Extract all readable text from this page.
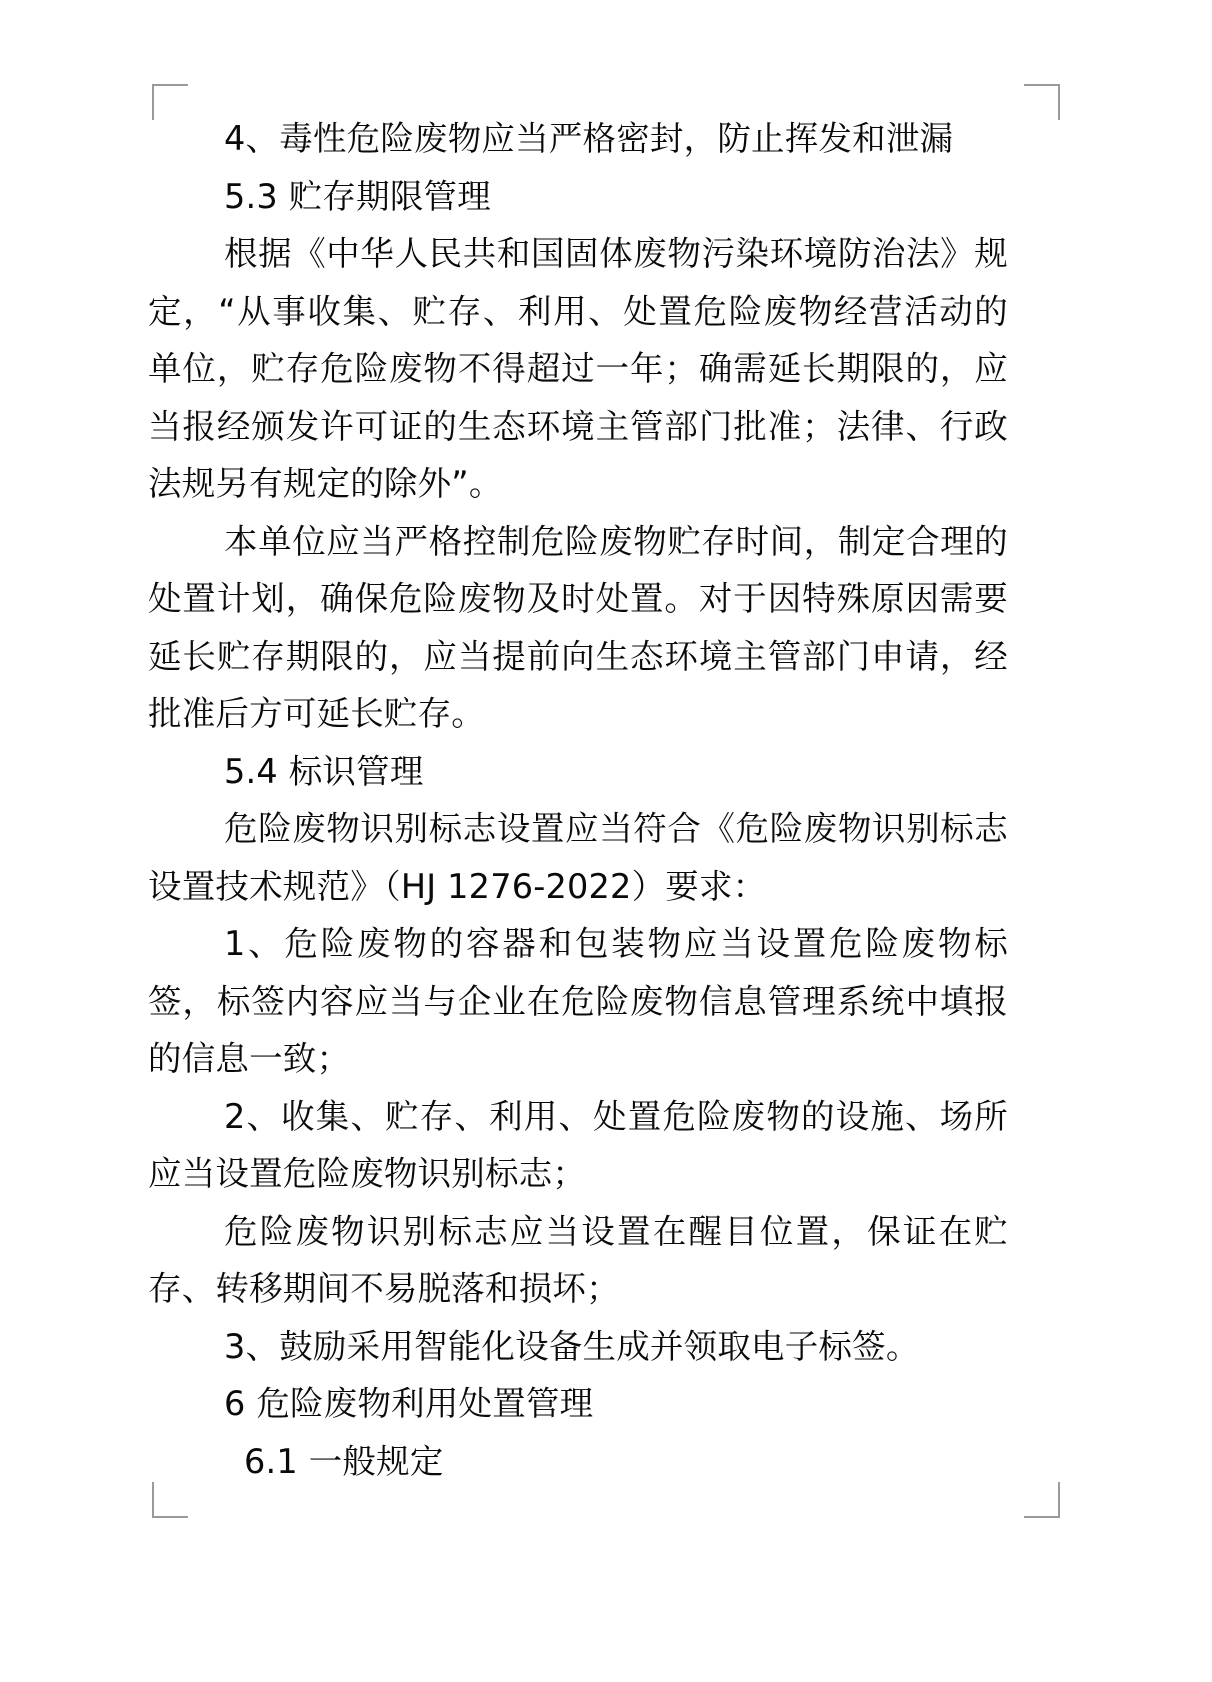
4、毒性危险废物应当严格密封，防止挥发和泄漏

5.3 贮存期限管理

根据《中华人民共和国固体废物污染环境防治法》规定，“从事收集、贮存、利用、处置危险废物经营活动的单位，贮存危险废物不得超过一年；确需延长期限的，应当报经颁发许可证的生态环境主管部门批准；法律、行政法规另有规定的除外”。

本单位应当严格控制危险废物贮存时间，制定合理的处置计划，确保危险废物及时处置。对于因特殊原因需要延长贮存期限的，应当提前向生态环境主管部门申请，经批准后方可延长贮存。

5.4 标识管理

危险废物识别标志设置应当符合《危险废物识别标志设置技术规范》（HJ 1276-2022）要求：

1、危险废物的容器和包装物应当设置危险废物标签，标签内容应当与企业在危险废物信息管理系统中填报的信息一致；

2、收集、贮存、利用、处置危险废物的设施、场所应当设置危险废物识别标志；

危险废物识别标志应当设置在醒目位置，保证在贮存、转移期间不易脱落和损坏；

3、鼓励采用智能化设备生成并领取电子标签。

6 危险废物利用处置管理

6.1 一般规定
